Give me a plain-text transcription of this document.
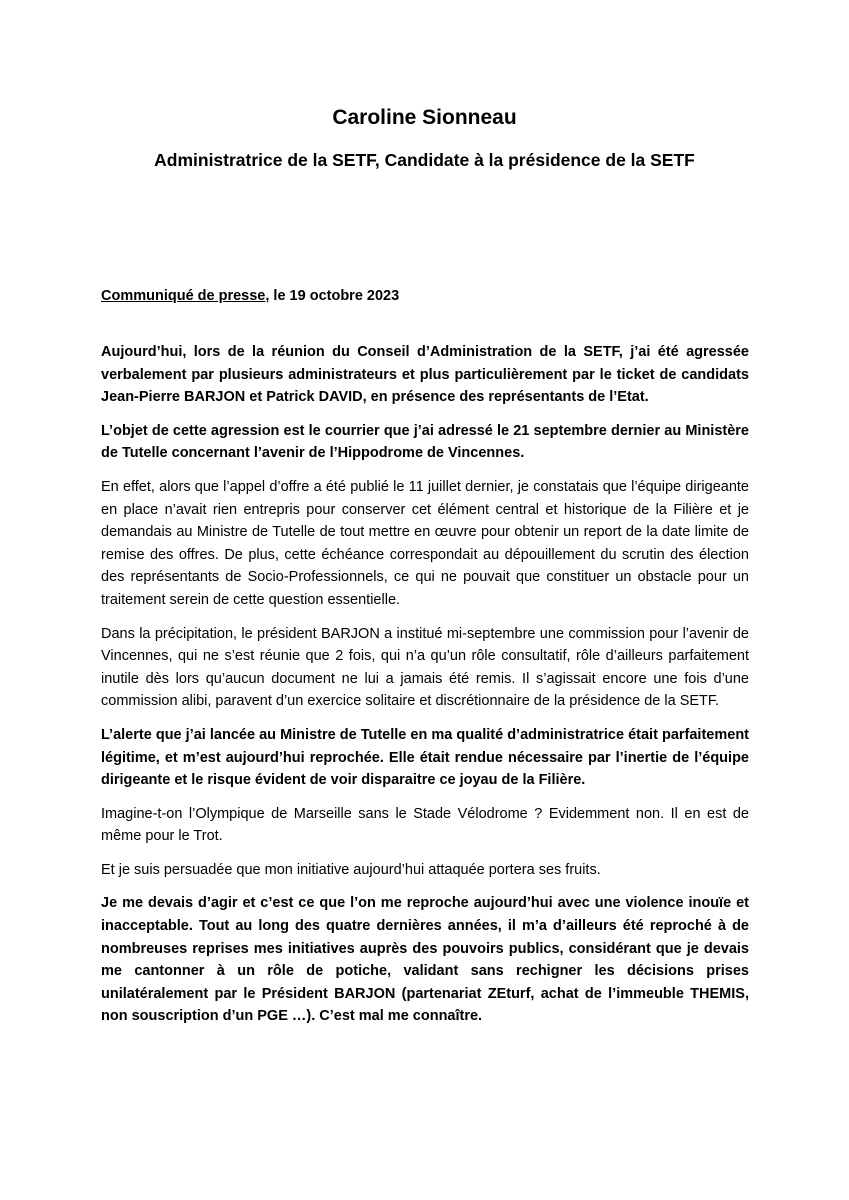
Caroline Sionneau
Administratrice de la SETF, Candidate à la présidence de la SETF

Communiqué de presse, le 19 octobre 2023

Aujourd’hui, lors de la réunion du Conseil d’Administration de la SETF, j’ai été agressée verbalement par plusieurs administrateurs et plus particulièrement par le ticket de candidats Jean-Pierre BARJON et Patrick DAVID, en présence des représentants de l’Etat.

L’objet de cette agression est le courrier que j’ai adressé le 21 septembre dernier au Ministère de Tutelle concernant l’avenir de l’Hippodrome de Vincennes.

En effet, alors que l’appel d’offre a été publié le 11 juillet dernier, je constatais que l’équipe dirigeante en place n’avait rien entrepris pour conserver cet élément central et historique de la Filière et je demandais au Ministre de Tutelle de tout mettre en œuvre pour obtenir un report de la date limite de remise des offres. De plus, cette échéance correspondait au dépouillement du scrutin des élection des représentants de Socio-Professionnels, ce qui ne pouvait que constituer un obstacle pour un traitement serein de cette question essentielle.

Dans la précipitation, le président BARJON a institué mi-septembre une commission pour l’avenir de Vincennes, qui ne s’est réunie que 2 fois, qui n’a qu’un rôle consultatif, rôle d’ailleurs parfaitement inutile dès lors qu’aucun document ne lui a jamais été remis. Il s’agissait encore une fois d’une commission alibi, paravent d’un exercice solitaire et discrétionnaire de la présidence de la SETF.

L’alerte que j’ai lancée au Ministre de Tutelle en ma qualité d’administratrice était parfaitement légitime, et m’est aujourd’hui reprochée. Elle était rendue nécessaire par l’inertie de l’équipe dirigeante et le risque évident de voir disparaitre ce joyau de la Filière.

Imagine-t-on l’Olympique de Marseille sans le Stade Vélodrome ? Evidemment non. Il en est de même pour le Trot.

Et je suis persuadée que mon initiative aujourd’hui attaquée portera ses fruits.

Je me devais d’agir et c’est ce que l’on me reproche aujourd’hui avec une violence inouïe et inacceptable. Tout au long des quatre dernières années, il m’a d’ailleurs été reproché à de nombreuses reprises mes initiatives auprès des pouvoirs publics, considérant que je devais me cantonner à un rôle de potiche, validant sans rechigner les décisions prises unilatéralement par le Président BARJON (partenariat ZEturf, achat de l’immeuble THEMIS, non souscription d’un PGE …). C’est mal me connaître.
